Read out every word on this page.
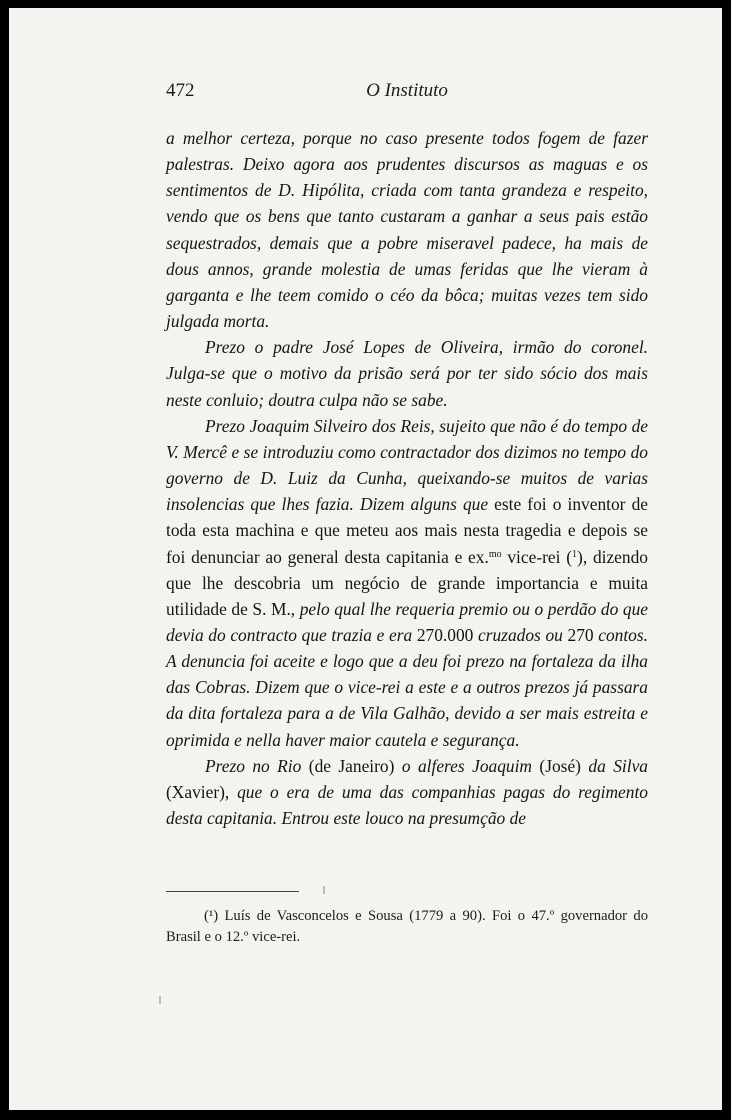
472	O Instituto

a melhor certeza, porque no caso presente todos fogem de fazer palestras. Deixo agora aos prudentes discursos as maguas e os sentimentos de D. Hipólita, criada com tanta grandeza e respeito, vendo que os bens que tanto custaram a ganhar a seus pais estão sequestrados, demais que a pobre miseravel padece, ha mais de dous annos, grande molestia de umas feridas que lhe vieram à garganta e lhe teem comido o céo da bôca; muitas vezes tem sido julgada morta.

Prezo o padre José Lopes de Oliveira, irmão do coronel. Julga-se que o motivo da prisão será por ter sido sócio dos mais neste conluio; doutra culpa não se sabe.

Prezo Joaquim Silveiro dos Reis, sujeito que não é do tempo de V. Mercê e se introduziu como contractador dos dizimos no tempo do governo de D. Luiz da Cunha, queixando-se muitos de varias insolencias que lhes fazia. Dizem alguns que este foi o inventor de toda esta machina e que meteu aos mais nesta tragedia e depois se foi denunciar ao general desta capitania e ex.$^{mo}$ vice-rei ($^1$), dizendo que lhe descobria um negócio de grande importancia e muita utilidade de S. M., pelo qual lhe requeria premio ou o perdão do que devia do contracto que trazia e era 270.000 cruzados ou 270 contos. A denuncia foi aceite e logo que a deu foi prezo na fortaleza da ilha das Cobras. Dizem que o vice-rei a este e a outros prezos já passara da dita fortaleza para a de Vila Galhão, devido a ser mais estreita e oprimida e nella haver maior cautela e segurança.

Prezo no Rio (de Janeiro) o alferes Joaquim (José) da Silva (Xavier), que o era de uma das companhias pagas do regimento desta capitania. Entrou este louco na presumção de

(¹) Luís de Vasconcelos e Sousa (1779 a 90). Foi o 47.º governador do Brasil e o 12.º vice-rei.
